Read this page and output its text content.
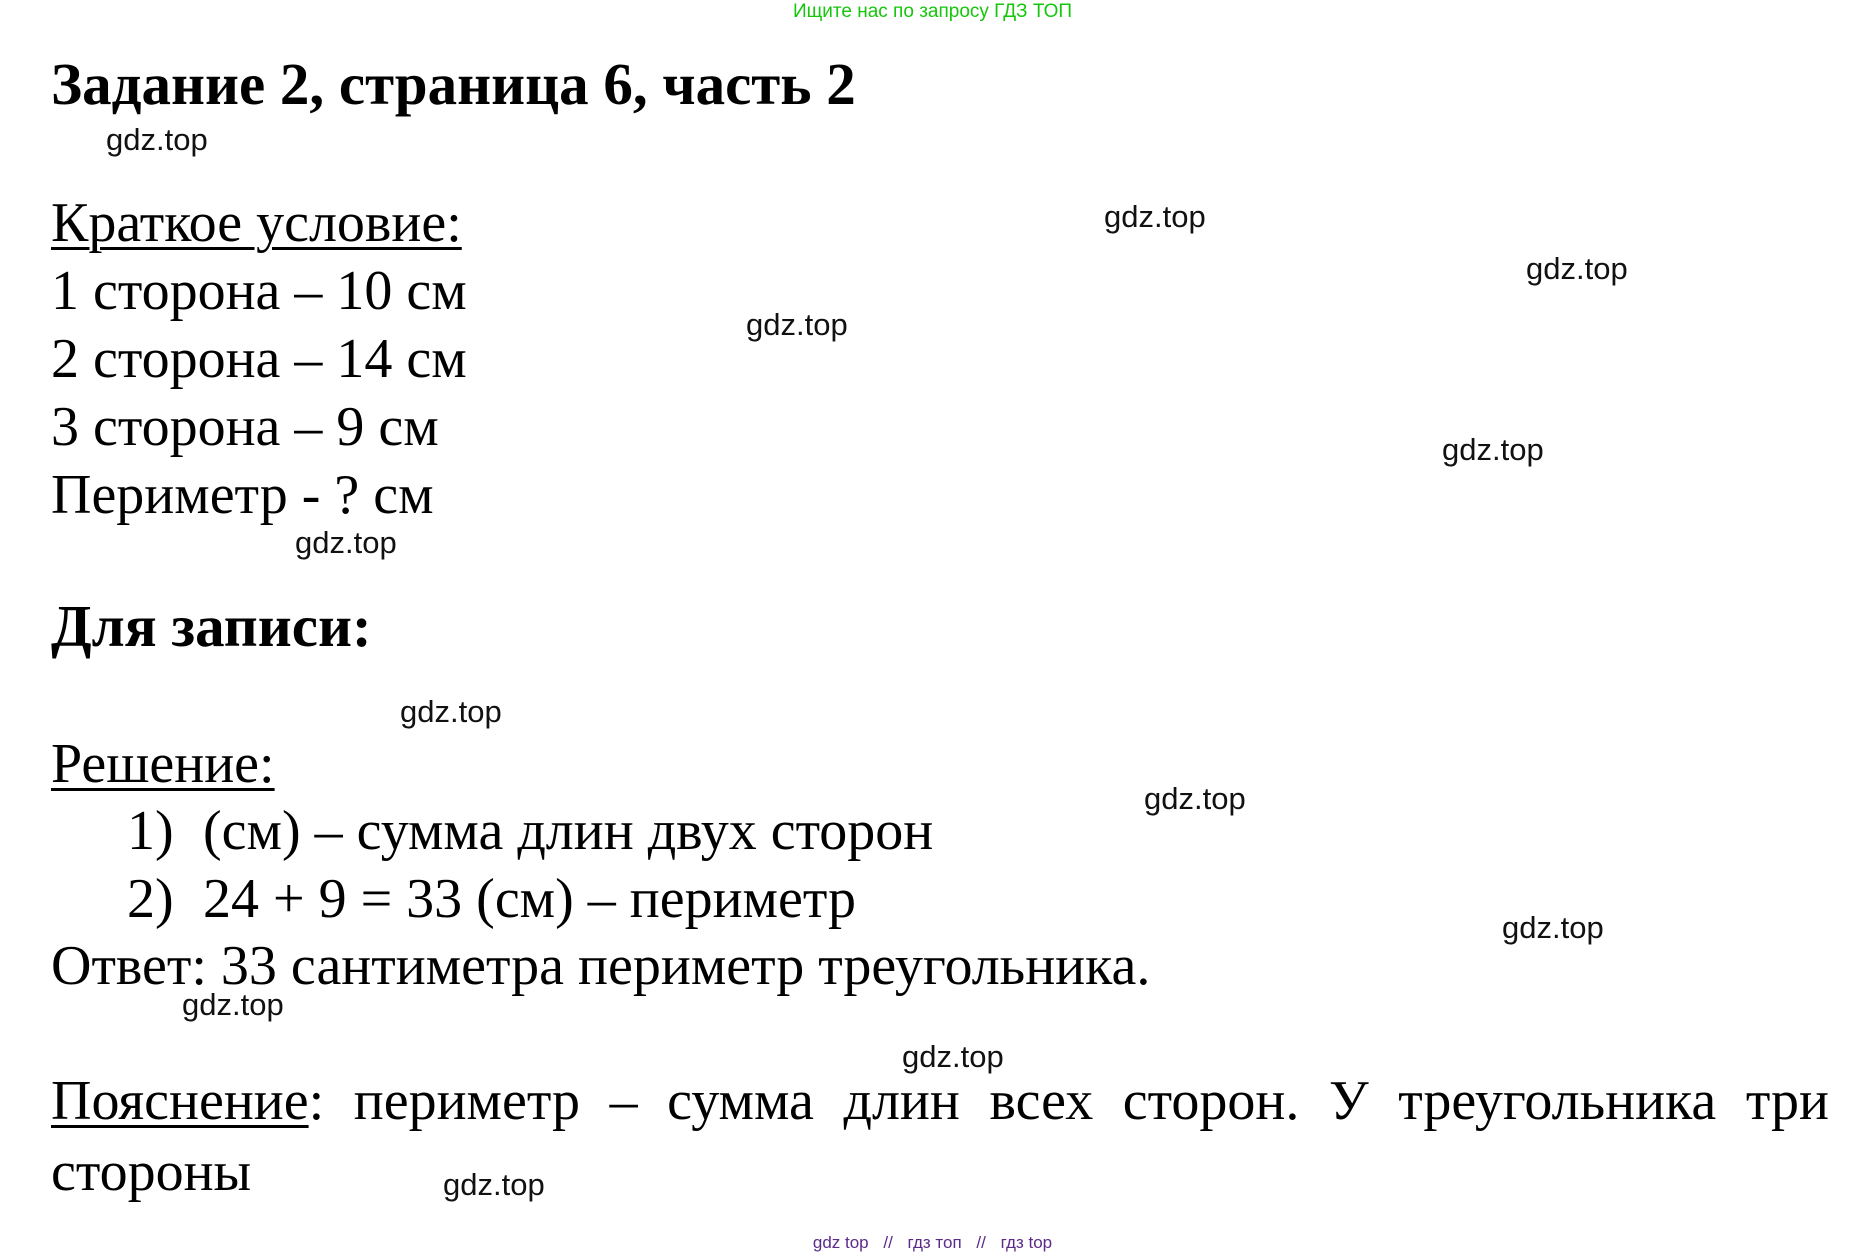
Ищите нас по запросу ГДЗ ТОП
Задание 2, страница 6, часть 2
Краткое условие:
1 сторона – 10 см
2 сторона – 14 см
3 сторона – 9 см
Периметр - ? см
Для записи:
Решение:
1) (см) – сумма длин двух сторон
2) 24 + 9 = 33 (см) – периметр
Ответ: 33 сантиметра периметр треугольника.
Пояснение: периметр – сумма длин всех сторон. У треугольника три стороны
gdz.top
gdz.top
gdz.top
gdz.top
gdz.top
gdz.top
gdz.top
gdz.top
gdz.top
gdz.top
gdz.top
gdz.top
gdz top // гдз топ // гдз top
